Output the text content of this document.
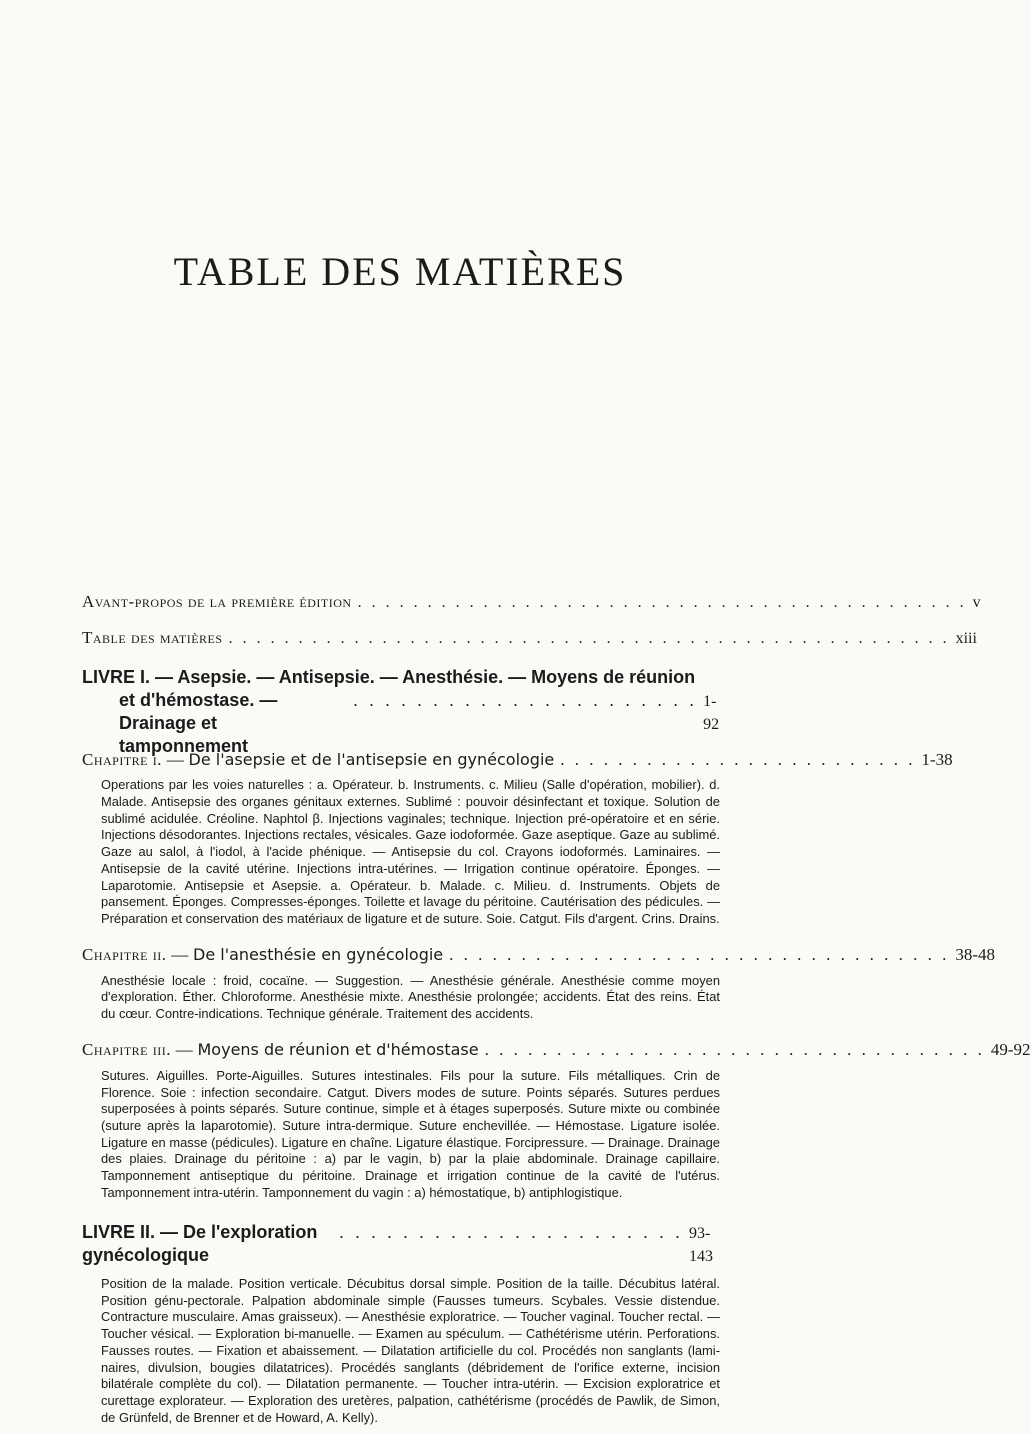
TABLE DES MATIÈRES
Avant-propos de la première édition . . . . . . . . . . . . . . . . . . . . . . . . . . . . . . . . . . . . . . . . . . . . v
Table des matières . . . . . . . . . . . . . . . . . . . . . . . . . . . . . . . . . . . . . . . . . . . . . . . . . . . . xiii
LIVRE I. — Asepsie. — Antisepsie. — Anesthésie. — Moyens de réunion
et d'hémostase. — Drainage et tamponnement
. . . . . . . . . . . . . . . . . . . . . . 1-92
Chapitre i. — De l'asepsie et de l'antisepsie en gynécologie . . . . . . . . . . . . . . . . . . . . . . . . . 1-38

Operations par les voies naturelles : a. Opérateur. b. Instruments. c. Milieu (Salle d'opération, mobilier). d. Malade. Antisepsie des organes génitaux externes. Sublimé : pouvoir désinfectant et toxique. Solution de sublimé acidulée. Créoline. Naphtol β. Injections vaginales; technique. Injection pré-opératoire et en série. Injections désodorantes. Injections rectales, vésicales. Gaze iodoformée. Gaze aseptique. Gaze au sublimé. Gaze au salol, à l'iodol, à l'acide phénique. — Antisepsie du col. Crayons iodoformés. Laminaires. — Antisepsie de la cavité utérine. Injections intra-utérines. — Irrigation continue opératoire. Éponges. — Laparotomie. Antisepsie et Asepsie. a. Opérateur. b. Malade. c. Milieu. d. Instruments. Objets de pansement. Éponges. Compresses-éponges. Toilette et lavage du péritoine. Cautérisation des pédicules. — Préparation et conservation des matériaux de ligature et de suture. Soie. Catgut. Fils d'argent. Crins. Drains.

Chapitre ii. — De l'anesthésie en gynécologie . . . . . . . . . . . . . . . . . . . . . . . . . . . . . . . . . . . 38-48

Anesthésie locale : froid, cocaïne. — Suggestion. — Anesthésie générale. Anesthésie comme moyen d'exploration. Éther. Chloroforme. Anesthésie mixte. Anesthésie prolongée; accidents. État des reins. État du cœur. Contre-indications. Technique générale. Traitement des accidents.

Chapitre iii. — Moyens de réunion et d'hémostase . . . . . . . . . . . . . . . . . . . . . . . . . . . . . . . . . . . 49-92

Sutures. Aiguilles. Porte-Aiguilles. Sutures intestinales. Fils pour la suture. Fils métalliques. Crin de Florence. Soie : infection secondaire. Catgut. Divers modes de suture. Points séparés. Sutures perdues superposées à points séparés. Suture continue, simple et à étages superposés. Suture mixte ou combinée (suture après la laparotomie). Suture intra-dermique. Suture enchevillée. — Hémostase. Ligature isolée. Ligature en masse (pédicules). Ligature en chaîne. Ligature élastique. Forcipressure. — Drainage. Drainage des plaies. Drainage du péritoine : a) par le vagin, b) par la plaie abdominale. Drainage capillaire. Tamponnement antiseptique du péritoine. Drainage et irrigation continue de la cavité de l'utérus. Tamponnement intra-utérin. Tamponnement du vagin : a) hémostatique, b) antiphlogistique.

LIVRE II. — De l'exploration gynécologique
. . . . . . . . . . . . . . . . . . . . . . 93-143

Position de la malade. Position verticale. Décubitus dorsal simple. Position de la taille. Décubitus latéral. Position génu-pectorale. Palpation abdominale simple (Fausses tumeurs. Scybales. Vessie distendue. Contracture musculaire. Amas graisseux). — Anesthésie exploratrice. — Toucher vaginal. Toucher rectal. — Toucher vésical. — Exploration bi-manuelle. — Examen au spéculum. — Cathétérisme utérin. Perforations. Fausses routes. — Fixation et abaissement. — Dilatation artificielle du col. Procédés non sanglants (laminaires, divulsion, bougies dilatatrices). Procédés sanglants (débridement de l'orifice externe, incision bilatérale complète du col). — Dilatation permanente. — Toucher intra-utérin. — Excision exploratrice et curettage explorateur. — Exploration des uretères, palpation, cathétérisme (procédés de Pawlik, de Simon, de Grünfeld, de Brenner et de Howard, A. Kelly).
